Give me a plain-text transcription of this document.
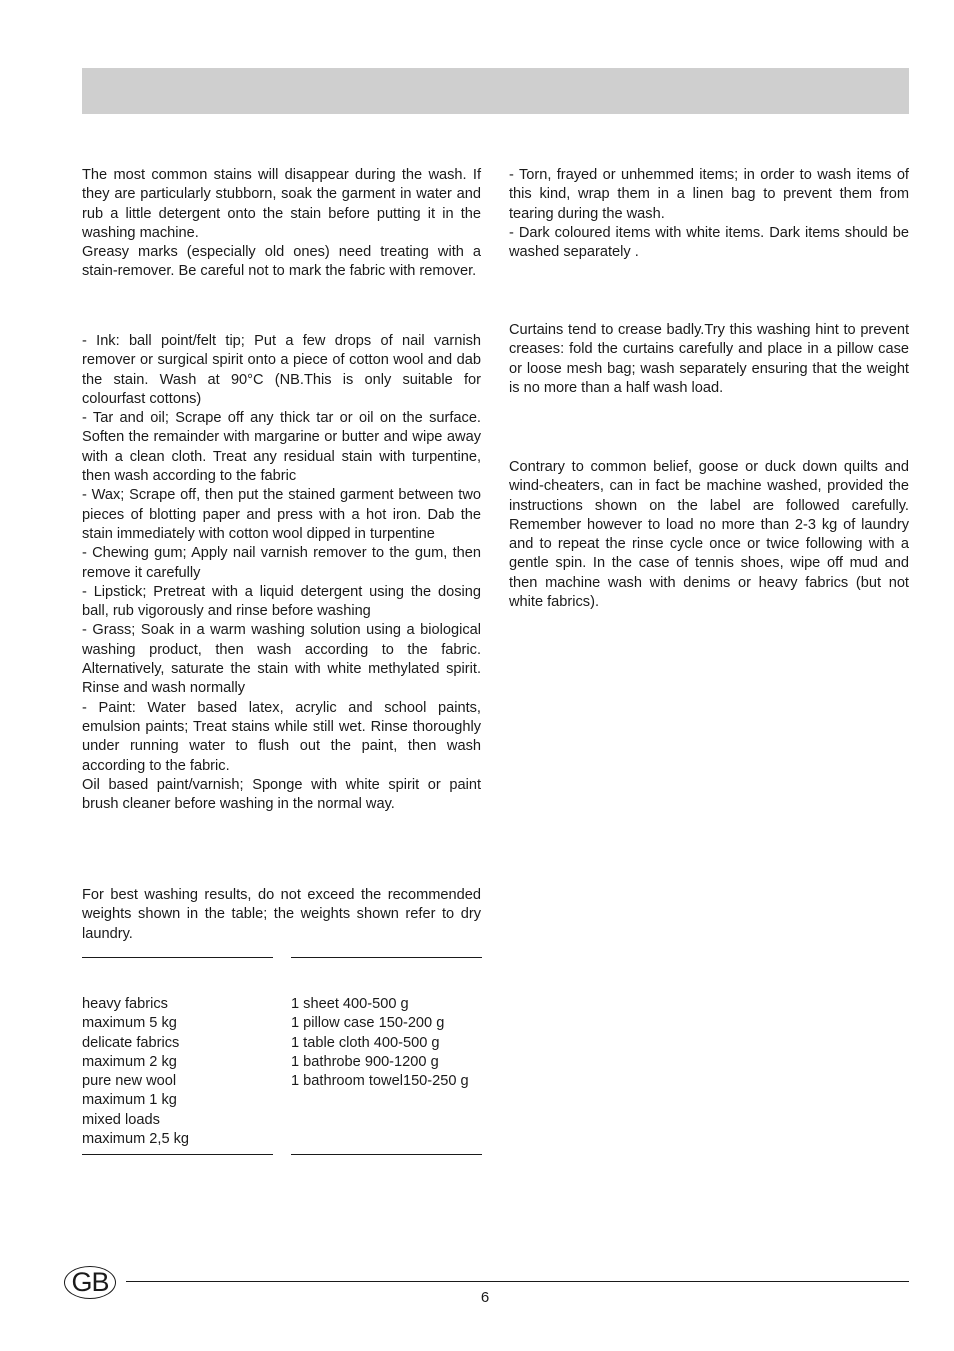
The most common stains will disappear during the wash. If they are particularly stubborn, soak the garment in water and rub a little detergent onto the stain before putting it in the washing machine.

Greasy marks (especially old ones) need treating with a stain-remover. Be careful not to mark the fabric with remover.

- Ink: ball point/felt tip; Put a few drops of nail varnish remover or surgical spirit onto a piece of cotton wool and dab the stain. Wash at 90°C (NB.This is only suitable for colourfast cottons)

- Tar and oil; Scrape off any thick tar or oil on the surface. Soften the remainder with margarine or butter and wipe away with a clean cloth. Treat any residual stain with turpentine, then wash according to the fabric

- Wax; Scrape off, then put the stained garment between two pieces of blotting paper and press with a hot iron. Dab the stain immediately with cotton wool dipped in turpentine

- Chewing gum; Apply nail varnish remover to the gum, then remove it carefully

- Lipstick; Pretreat with a liquid detergent using the dosing ball, rub vigorously and rinse before washing

- Grass; Soak in a warm washing solution using a biological washing product, then wash according to the fabric. Alternatively, saturate the stain with white methylated spirit. Rinse and wash normally

- Paint: Water based latex, acrylic and school paints, emulsion paints; Treat stains while still wet. Rinse thoroughly under running water to flush out the paint, then wash according to the fabric.

Oil based paint/varnish; Sponge with white spirit or paint brush cleaner before washing in the normal way.

For best washing results, do not exceed the recommended weights shown in the table; the weights shown refer to dry laundry.

heavy fabrics
maximum 5 kg
delicate fabrics
maximum 2 kg
pure new wool
maximum 1 kg
mixed loads
maximum 2,5 kg
1 sheet 400-500 g
1 pillow case 150-200 g
1 table cloth 400-500 g
1 bathrobe 900-1200 g
1 bathroom towel150-250 g

- Torn, frayed or unhemmed items; in order to wash items of this kind, wrap them in a linen bag to prevent them from tearing during the wash.

- Dark coloured items with white items. Dark items should be washed separately .

Curtains tend to crease badly.Try this washing hint to prevent creases: fold the curtains carefully and place in a pillow case or loose mesh bag; wash separately ensuring that the weight is no more than a half wash load.

Contrary to common belief, goose or duck down quilts and wind-cheaters, can in fact be machine washed, provided the instructions shown on the label are followed carefully. Remember however to load no more than 2-3 kg of laundry and to repeat the rinse cycle once or twice following with a gentle spin. In the case of tennis shoes, wipe off mud and then machine wash with denims or heavy fabrics (but not white fabrics).

GB
6
